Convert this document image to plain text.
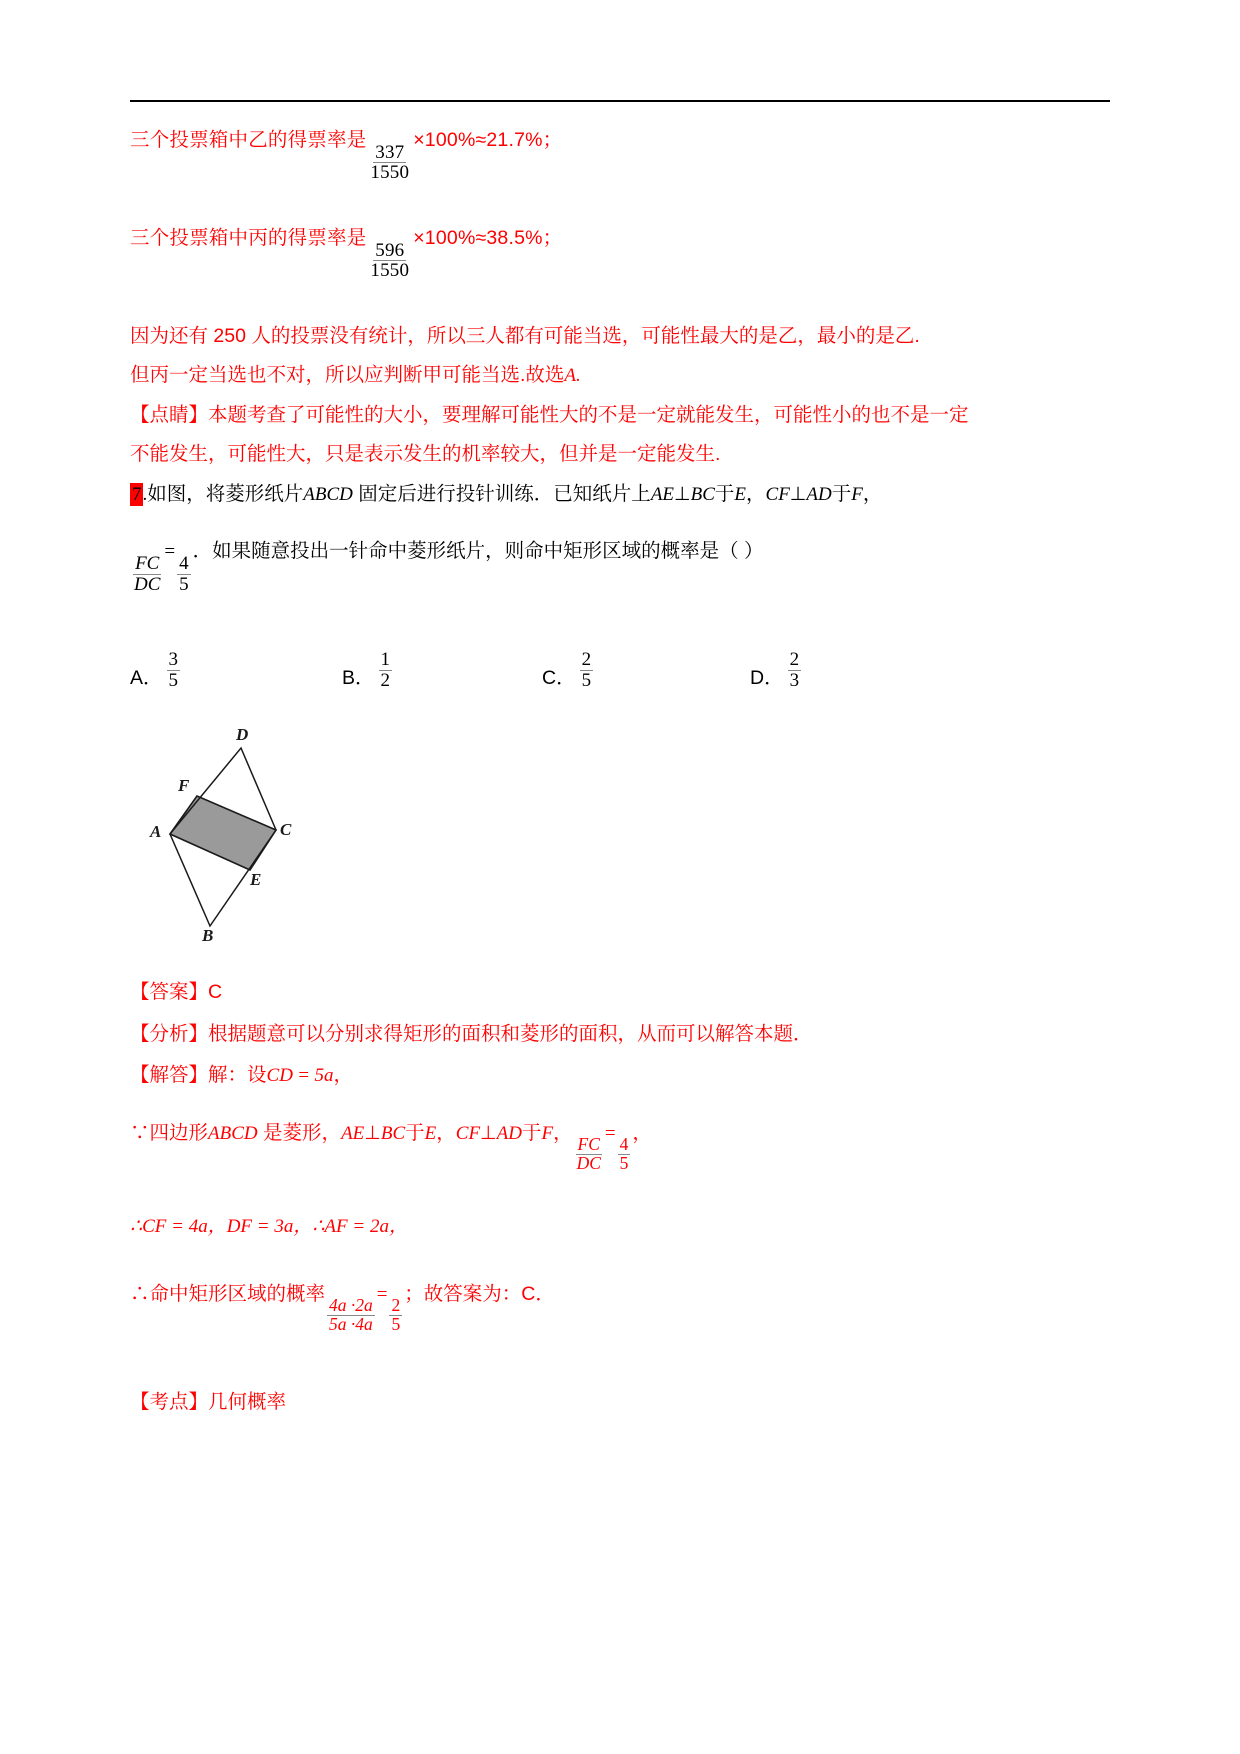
三个投票箱中乙的得票率是
$\frac{337}{1550}$
×100%≈21.7%；
三个投票箱中丙的得票率是
$\frac{596}{1550}$
×100%≈38.5%；

因为还有 250 人的投票没有统计，所以三人都有可能当选，可能性最大的是乙，最小的是乙.

但丙一定当选也不对，所以应判断甲可能当选.故选A.

【点睛】本题考查了可能性的大小，要理解可能性大的不是一定就能发生，可能性小的也不是一定

不能发生，可能性大，只是表示发生的机率较大，但并是一定能发生.

7.如图，将菱形纸片ABCD 固定后进行投针训练．已知纸片上AE⊥BC于E，CF⊥AD于F，

$\frac{FC}{DC}$
=
$\frac{4}{5}$
．如果随意投出一针命中菱形纸片，则命中矩形区域的概率是（ ）

A． $\frac{3}{5}$	B． $\frac{1}{2}$	C． $\frac{2}{5}$	D． $\frac{2}{3}$
D
F
A	C
E
B

【答案】C

【分析】根据题意可以分别求得矩形的面积和菱形的面积，从而可以解答本题．

【解答】解：设CD = 5a，

∵四边形ABCD 是菱形，AE⊥BC于E，CF⊥AD于F，
$\frac{FC}{DC}$
=
$\frac{4}{5}$
，

∴CF = 4a，DF = 3a，∴AF = 2a，

∴命中矩形区域的概率
$\frac{4a \cdot 2a}{5a \cdot 4a}$
=
$\frac{2}{5}$
；故答案为：C．

【考点】几何概率
